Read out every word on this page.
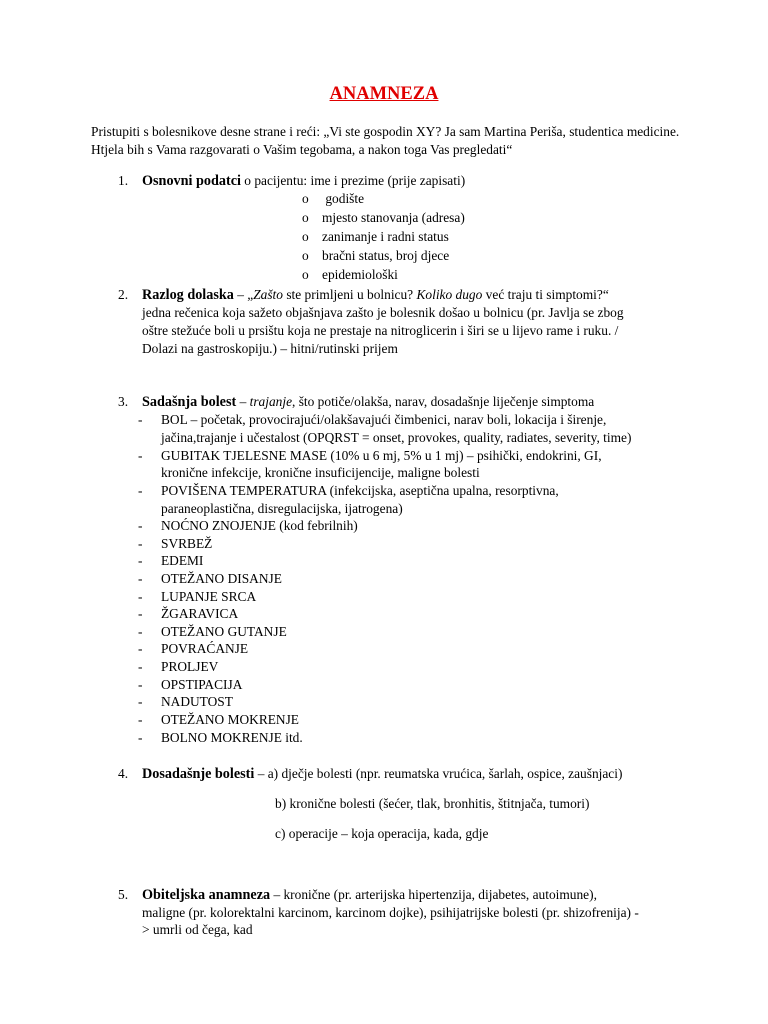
ANAMNEZA
Pristupiti s bolesnikove desne strane i reći: „Vi ste gospodin XY? Ja sam Martina Periša, studentica medicine. Htjela bih s Vama razgovarati o Vašim tegobama, a nakon toga Vas pregledati“
1. Osnovni podatci o pacijentu: ime i prezime (prije zapisati)
o godište
o mjesto stanovanja (adresa)
o zanimanje i radni status
o bračni status, broj djece
o epidemiološki
2. Razlog dolaska – „Zašto ste primljeni u bolnicu? Koliko dugo već traju ti simptomi?“
jedna rečenica koja sažeto objašnjava zašto je bolesnik došao u bolnicu (pr. Javlja se zbog
oštre stežuće boli u prsištu koja ne prestaje na nitroglicerin i širi se u lijevo rame i ruku. /
Dolazi na gastroskopiju.) – hitni/rutinski prijem
3. Sadašnja bolest – trajanje, što potiče/olakša, narav, dosadašnje liječenje simptoma
- BOL – početak, provocirajući/olakšavajući čimbenici, narav boli, lokacija i širenje,
jačina,trajanje i učestalost (OPQRST = onset, provokes, quality, radiates, severity, time)
- GUBITAK TJELESNE MASE (10% u 6 mj, 5% u 1 mj) – psihički, endokrini, GI,
kronične infekcije, kronične insuficijencije, maligne bolesti
- POVIŠENA TEMPERATURA (infekcijska, aseptična upalna, resorptivna,
paraneoplastična, disregulacijska, ijatrogena)
- NOĆNO ZNOJENJE (kod febrilnih)
- SVRBEŽ
- EDEMI
- OTEŽANO DISANJE
- LUPANJE SRCA
- ŽGARAVICA
- OTEŽANO GUTANJE
- POVRAĆANJE
- PROLJEV
- OPSTIPACIJA
- NADUTOST
- OTEŽANO MOKRENJE
- BOLNO MOKRENJE itd.
4. Dosadašnje bolesti – a) dječje bolesti (npr. reumatska vrućica, šarlah, ospice, zaušnjaci)
b) kronične bolesti (šećer, tlak, bronhitis, štitnjača, tumori)
c) operacije – koja operacija, kada, gdje
5. Obiteljska anamneza – kronične (pr. arterijska hipertenzija, dijabetes, autoimune),
maligne (pr. kolorektalni karcinom, karcinom dojke), psihijatrijske bolesti (pr. shizofrenija) -
> umrli od čega, kad
